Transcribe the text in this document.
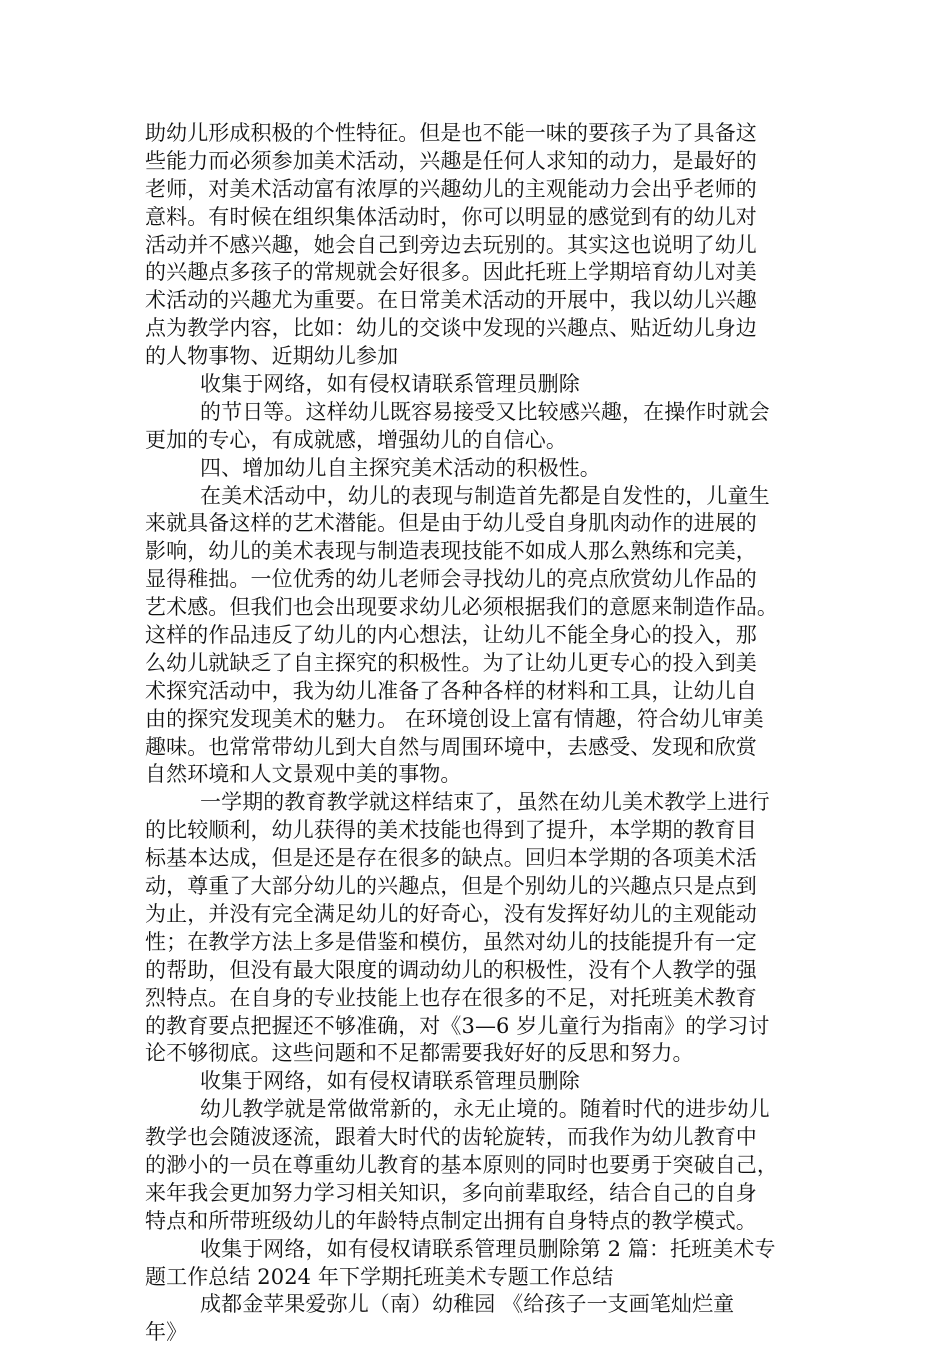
助幼儿形成积极的个性特征。但是也不能一味的要孩子为了具备这
些能力而必须参加美术活动，兴趣是任何人求知的动力，是最好的
老师，对美术活动富有浓厚的兴趣幼儿的主观能动力会出乎老师的
意料。有时候在组织集体活动时，你可以明显的感觉到有的幼儿对
活动并不感兴趣，她会自己到旁边去玩别的。其实这也说明了幼儿
的兴趣点多孩子的常规就会好很多。因此托班上学期培育幼儿对美
术活动的兴趣尤为重要。在日常美术活动的开展中，我以幼儿兴趣
点为教学内容，比如：幼儿的交谈中发现的兴趣点、贴近幼儿身边
的人物事物、近期幼儿参加
收集于网络，如有侵权请联系管理员删除
的节日等。这样幼儿既容易接受又比较感兴趣，在操作时就会
更加的专心，有成就感，增强幼儿的自信心。
四、增加幼儿自主探究美术活动的积极性。
在美术活动中，幼儿的表现与制造首先都是自发性的，儿童生
来就具备这样的艺术潜能。但是由于幼儿受自身肌肉动作的进展的
影响，幼儿的美术表现与制造表现技能不如成人那么熟练和完美，
显得稚拙。一位优秀的幼儿老师会寻找幼儿的亮点欣赏幼儿作品的
艺术感。但我们也会出现要求幼儿必须根据我们的意愿来制造作品。
这样的作品违反了幼儿的内心想法，让幼儿不能全身心的投入，那
么幼儿就缺乏了自主探究的积极性。为了让幼儿更专心的投入到美
术探究活动中，我为幼儿准备了各种各样的材料和工具，让幼儿自
由的探究发现美术的魅力。 在环境创设上富有情趣，符合幼儿审美
趣味。也常常带幼儿到大自然与周围环境中，去感受、发现和欣赏
自然环境和人文景观中美的事物。
一学期的教育教学就这样结束了，虽然在幼儿美术教学上进行
的比较顺利，幼儿获得的美术技能也得到了提升，本学期的教育目
标基本达成，但是还是存在很多的缺点。回归本学期的各项美术活
动，尊重了大部分幼儿的兴趣点，但是个别幼儿的兴趣点只是点到
为止，并没有完全满足幼儿的好奇心，没有发挥好幼儿的主观能动
性；在教学方法上多是借鉴和模仿，虽然对幼儿的技能提升有一定
的帮助，但没有最大限度的调动幼儿的积极性，没有个人教学的强
烈特点。在自身的专业技能上也存在很多的不足，对托班美术教育
的教育要点把握还不够准确，对《3—6 岁儿童行为指南》的学习讨
论不够彻底。这些问题和不足都需要我好好的反思和努力。
收集于网络，如有侵权请联系管理员删除
幼儿教学就是常做常新的，永无止境的。随着时代的进步幼儿
教学也会随波逐流，跟着大时代的齿轮旋转，而我作为幼儿教育中
的渺小的一员在尊重幼儿教育的基本原则的同时也要勇于突破自己，
来年我会更加努力学习相关知识，多向前辈取经，结合自己的自身
特点和所带班级幼儿的年龄特点制定出拥有自身特点的教学模式。
收集于网络，如有侵权请联系管理员删除第 2 篇：托班美术专
题工作总结 2024 年下学期托班美术专题工作总结
成都金苹果爱弥儿（南）幼稚园 《给孩子一支画笔灿烂童
年》
